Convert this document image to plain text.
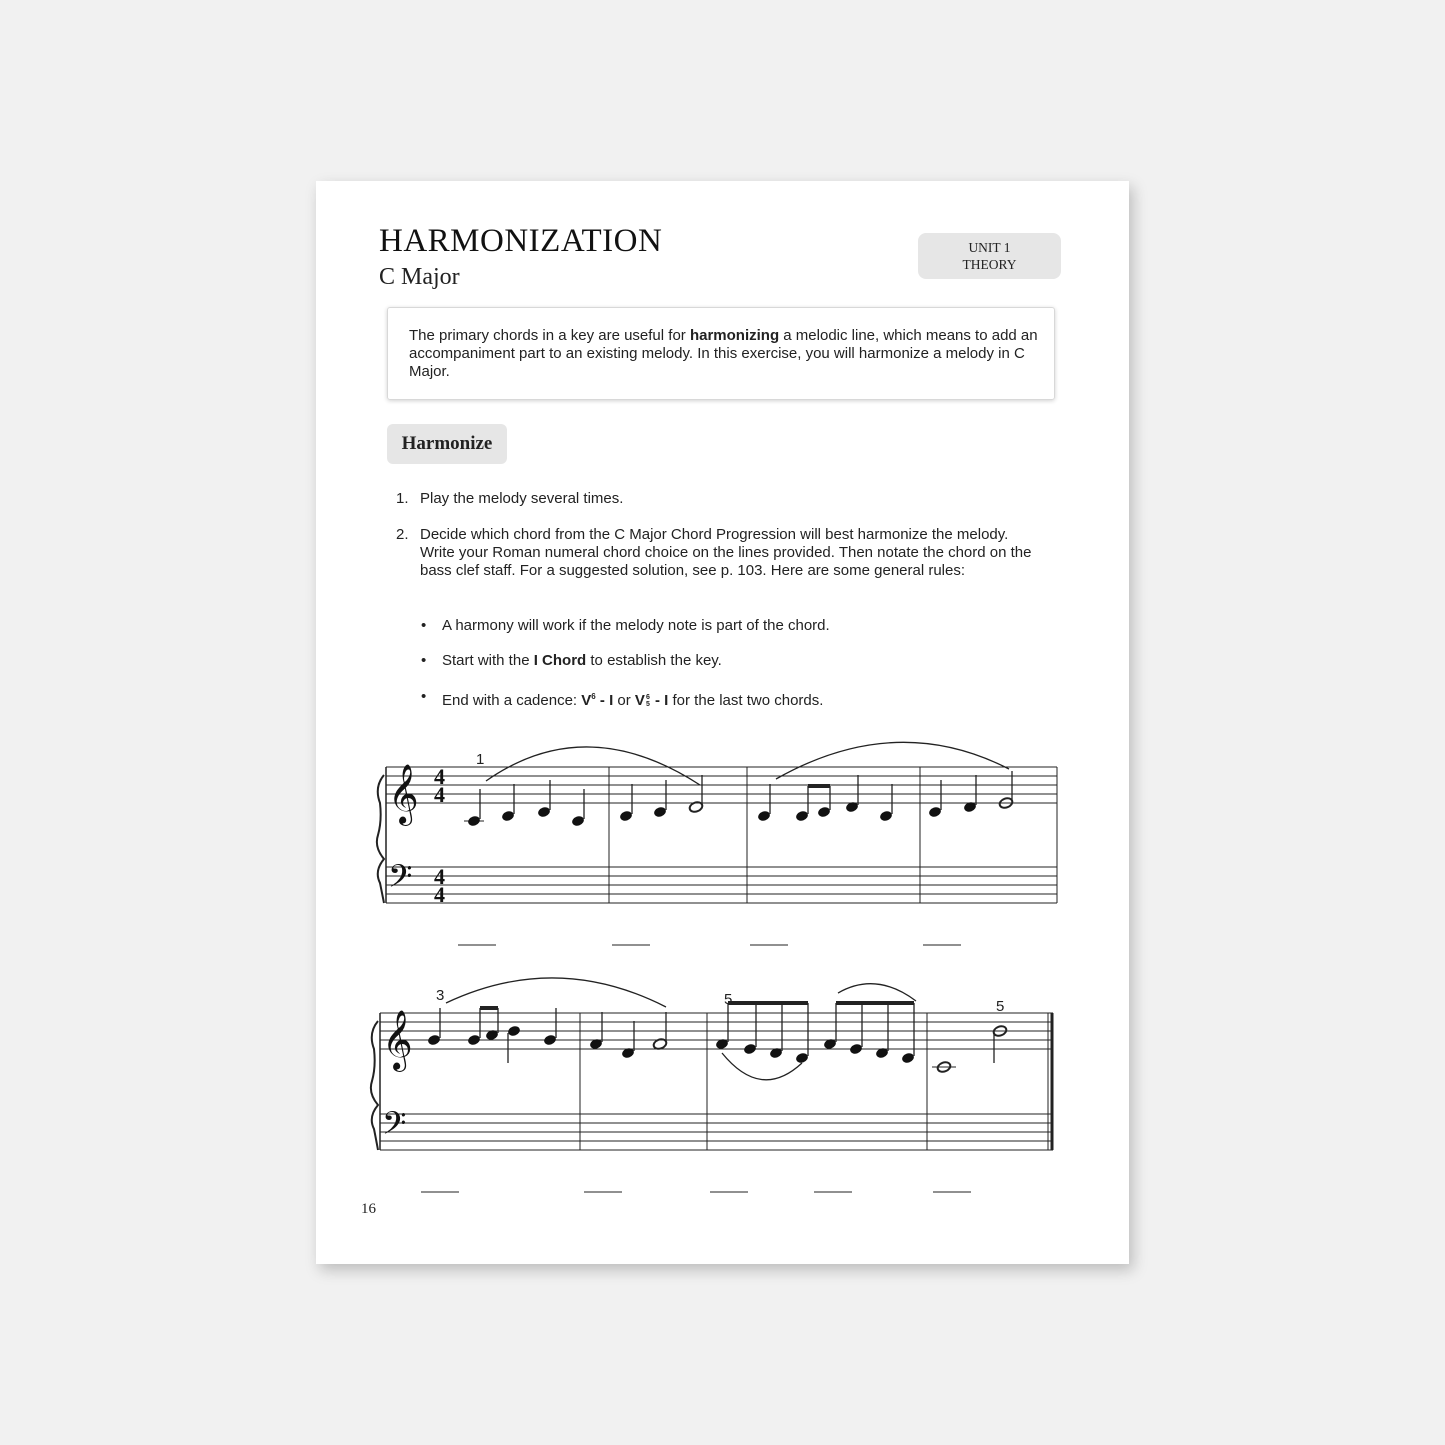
HARMONIZATION
C Major
UNIT 1
THEORY
The primary chords in a key are useful for harmonizing a melodic line, which means to add an accompaniment part to an existing melody. In this exercise, you will harmonize a melody in C Major.
Harmonize
1. Play the melody several times.
2. Decide which chord from the C Major Chord Progression will best harmonize the melody. Write your Roman numeral chord choice on the lines provided. Then notate the chord on the bass clef staff. For a suggested solution, see p. 103. Here are some general rules:
• A harmony will work if the melody note is part of the chord.
• Start with the I Chord to establish the key.
• End with a cadence: $V^6$ - I or V 6
5 - I for the last two chords.
𝄞
𝄢
4
4
4
4
1
𝄞
𝄢
3	5	5
16
